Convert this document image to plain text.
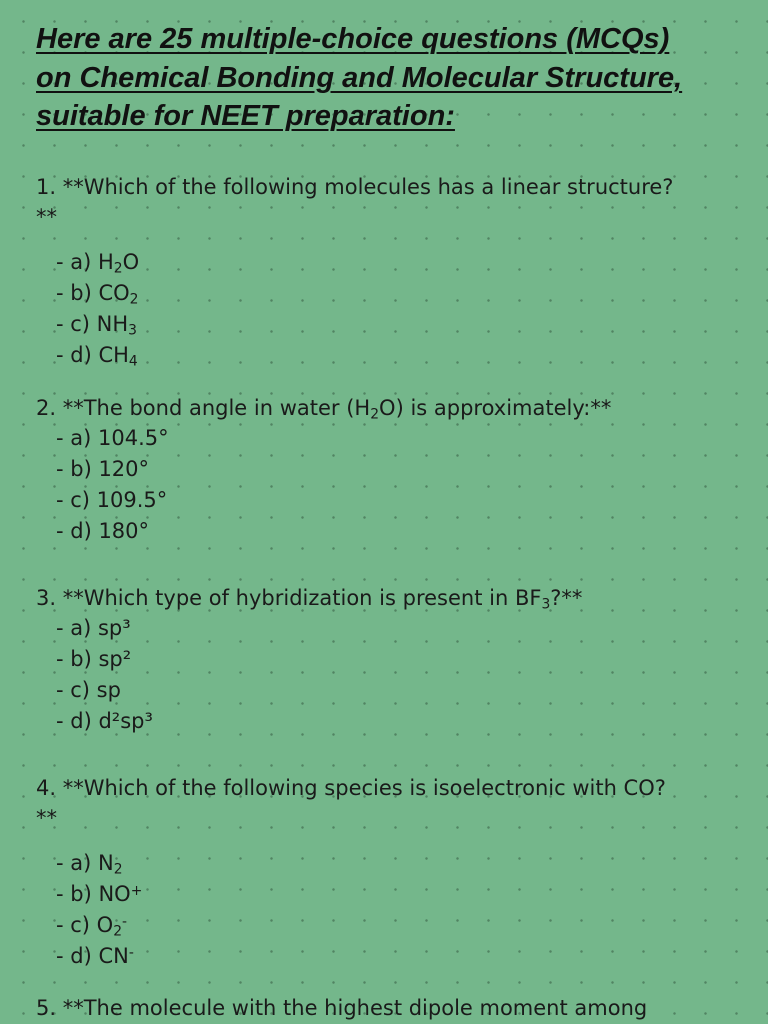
Here are 25 multiple-choice questions (MCQs)
on Chemical Bonding and Molecular Structure,
suitable for NEET preparation:

1. **Which of the following molecules has a linear structure?
**

- a) $H_2O$
- b) $CO_2$
- c) $NH_3$
- d) $CH_4$

2. **The bond angle in water $(H_2O)$ is approximately:**

- a) 104.5°
- b) 120°
- c) 109.5°
- d) 180°

3. **Which type of hybridization is present in $BF_3?**$

- a) sp³
- b) sp²
- c) sp
- d) d²sp³

4. **Which of the following species is isoelectronic with CO?
**

- a) $N_2$
- b) NO+
- c) $O_2^-$
- d) CN-

5. **The molecule with the highest dipole moment among
